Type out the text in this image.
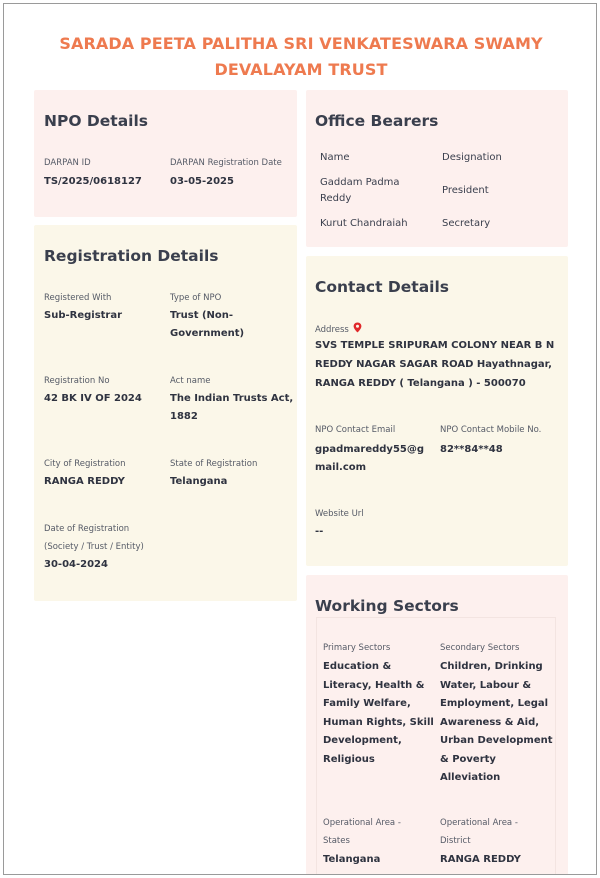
SARADA PEETA PALITHA SRI VENKATESWARA SWAMY
DEVALAYAM TRUST
NPO Details
DARPAN ID
TS/2025/0618127
DARPAN Registration Date
03-05-2025
Registration Details
Registered With
Sub-Registrar
Type of NPO
Trust (Non-
Government)
Registration No
42 BK IV OF 2024
Act name
The Indian Trusts Act,
1882
City of Registration
RANGA REDDY
State of Registration
Telangana
Date of Registration
(Society / Trust / Entity)
30-04-2024
Office Bearers
Name	Designation
Gaddam Padma
Reddy
President
Kurut Chandraiah	Secretary
Contact Details
Address
SVS TEMPLE SRIPURAM COLONY NEAR B N
REDDY NAGAR SAGAR ROAD Hayathnagar,
RANGA REDDY ( Telangana ) - 500070
NPO Contact Email
gpadmareddy55@g
mail.com
NPO Contact Mobile No.
82**84**48
Website Url
--
Working Sectors
Primary Sectors
Education &
Literacy, Health &
Family Welfare,
Human Rights, Skill
Development,
Religious
Secondary Sectors
Children, Drinking
Water, Labour &
Employment, Legal
Awareness & Aid,
Urban Development
& Poverty
Alleviation
Operational Area -
States
Telangana
Operational Area -
District
RANGA REDDY
